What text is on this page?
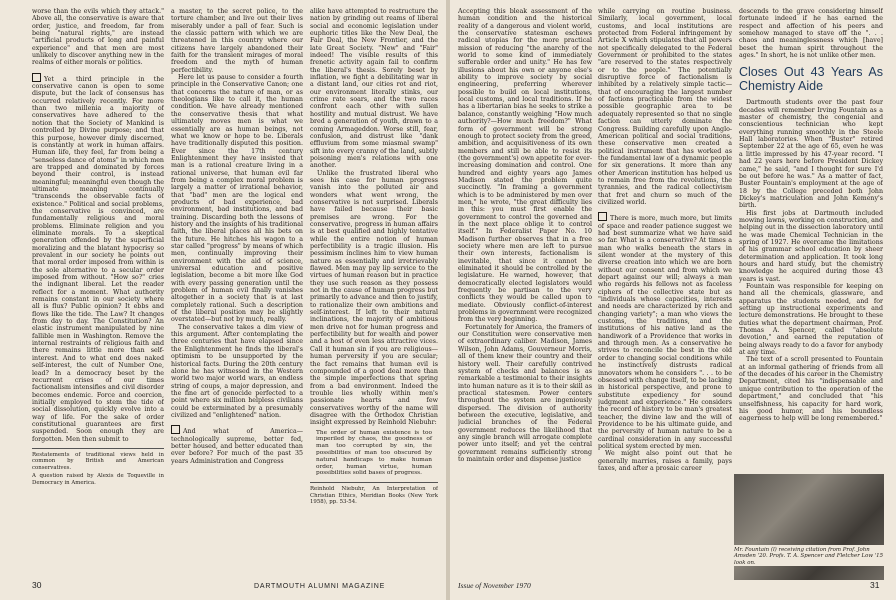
worse than the evils which they attack." Above all, the conservative is aware that order, justice, and freedom, far from being "natural rights," are instead "artificial products of long and painful experience" and that men are most unlikely to discover anything new in the realms of either morals or politics.

Yet a third principle in the conservative canon is open to some dispute, but the lack of consensus has occurred relatively recently. For more than two millenia a majority of conservatives have adhered to the notion that the Society of Mankind is controlled by Divine purpose; and that this purpose, however dimly discerned, is constantly at work in human affairs. Human life, they feel, far from being a "senseless dance of atoms" in which men are trapped and dominated by forces beyond their control, is instead meaningful; meaningful even though the ultimate meaning continually "transcends the observable facts of existence." Political and social problems, the conservative is convinced, are fundamentally religious and moral problems. Eliminate religion and you eliminate morals. To a skeptical generation offended by the superficial moralizing and the blatant hypocrisy so prevalent in our society he points out that moral order imposed from within is the sole alternative to a secular order imposed from without. "How so?" cries the indignant liberal. Let the reader reflect for a moment. What authority remains constant in our society where all is flux? Public opinion? It ebbs and flows like the tide. The Law? It changes from day to day. The Constitution? An elastic instrument manipulated by nine fallible men in Washington. Remove the internal restraints of religious faith and there remains little more than self-interest. And to what end does naked self-interest, the cult of Number One, lead? In a democracy beset by the recurrent crises of our times factionalism intensifies and civil disorder becomes endemic. Force and coercion, initially employed to stem the tide of social dissolution, quickly evolve into a way of life. For the sake of order constitutional guarantees are first suspended. Soon enough they are forgotten. Men then submit to

Restatements of traditional views held in common by British and American conservatives.

A question raised by Alexis de Toqueville in Democracy in America.

a master, to the secret police, to the torture chamber, and live out their lives miserably under a pall of fear. Such is the classic pattern with which we are threatened in this country where our citizens have largely abandoned their faith for the transient mirages of moral freedom and the myth of human perfectibility.

Here let us pause to consider a fourth principle in the Conservative Canon; one that concerns the nature of man, or as theologians like to call it, the human condition. We have already mentioned the conservative thesis that what ultimately moves men is what we essentially are as human beings, not what we know or hope to be. Liberals have traditionally disputed this position. Ever since the 17th century Enlightenment they have insisted that man is a rational creature living in a rational universe, that human evil far from being a complex moral problem is largely a matter of irrational behavior, that "bad" men are the logical end products of bad experience, bad environment, bad institutions, and bad training. Discarding both the lessons of history and the insights of his traditional faith, the liberal places all his bets on the future. He hitches his wagon to a star called "progress" by means of which men, continually improving their environment with the aid of science, universal education and positive legislation, become a bit more like God with every passing generation until the problem of human evil finally vanishes altogether in a society that is at last completely rational. Such a description of the liberal position may be slightly overstated—but not by much, really.

The conservative takes a dim view of this argument. After contemplating the three centuries that have elapsed since the Enlightenment he finds the liberal's optimism to be unsupported by the historical facts. During the 20th century alone he has witnessed in the Western world two major world wars, an endless string of coups, a major depression, and the fine art of genocide perfected to a point where six million helpless civilians could be exterminated by a presumably civilized and "enlightened" nation.

And what of America—technologically supreme, better fed, better housed, and better educated than ever before? For much of the past 35 years Administration and Congress

alike have attempted to restructure the nation by grinding out reams of liberal social and economic legislation under euphoric titles like the New Deal, the Fair Deal, the New Frontier, and the late Great Society. "New" and "Fair" indeed! The visible results of this frenetic activity again fail to confirm the liberal's thesis. Sorely beset by inflation, we fight a debilitating war in a distant land, our cities rot and riot, our environment literally stinks, our crime rate soars, and the two races confront each other with sullen hostility and mutual distrust. We have bred a generation of youth, drawn to a coming Armageddon. Worse still, fear, confusion, and distrust like "dank effluvium from some miasmal swamp" sift into every cranny of the land, subtly poisoning men's relations with one another.

Unlike the frustrated liberal who sees his case for human progress vanish into the polluted air and wonders what went wrong, the conservative is not surprised. Liberals have failed because their basic premises are wrong. For the conservative, progress in human affairs is at best qualified and highly tentative while the entire notion of human perfectibility is a tragic illusion. His pessimism inclines him to view human nature as essentially and irretrievably flawed. Men may pay lip service to the virtues of human reason but in practice they use such reason as they possess not in the cause of human progress but primarily to advance and then to justify, to rationalize their own ambitions and self-interest. If left to their natural inclinations, the majority of ambitious men drive not for human progress and perfectibility but for wealth and power and a host of even less attractive vices. Call it human sin if you are religious—human perversity if you are secular; the fact remains that human evil is compounded of a good deal more than the simple imperfections that spring from a bad environment. Indeed the trouble lies wholly within men's passionate hearts and few conservatives worthy of the name will disagree with the Orthodox Christian insight expressed by Reinhold Niebuhr:

The order of human existence is too imperiled by chaos, the goodness of man too corrupted by sin, the possibilities of man too obscured by natural handicaps to make human order, human virtue, human possibilities solid bases of progress.

Reinhold Niebuhr, An Interpretation of Christian Ethics, Meridian Books (New York 1958), pp. 53-54.

30	DARTMOUTH ALUMNI MAGAZINE

Accepting this bleak assessment of the human condition and the historical reality of a dangerous and violent world, the conservative statesman eschews radical utopias for the more practical mission of reducing "the anarchy of the world to some kind of immediately sufferable order and unity." He has few illusions about his own or anyone else's ability to improve society by social engineering, preferring wherever possible to build on local institutions, local customs, and local traditions. If he has a libertarian bias he seeks to strike a balance, constantly weighing "How much authority?—How much freedom?" What form of government will be strong enough to protect society from the greed, ambition, and acquisitiveness of its own members and still be able to resist its (the government's) own appetite for ever-increasing domination and control. One hundred and eighty years ago James Madison stated the problem quite succinctly. "In framing a government which is to be administered by men over men," he wrote, "the great difficulty lies in this: you must first enable the government to control the governed and in the next place oblige it to control itself." In Federalist Paper No. 10 Madison further observes that in a free society where men are left to pursue their own interests, factionalism is inevitable, that since it cannot be eliminated it should be controlled by the legislature. He warned, however, that democratically elected legislators would frequently be partisan to the very conflicts they would be called upon to mediate. Obviously conflict-of-interest problems in government were recognized from the very beginning.

Fortunately for America, the framers of our Constitution were conservative men of extraordinary caliber. Madison, James Wilson, John Adams, Gouverneur Morris, all of them knew their country and their history well. Their carefully contrived system of checks and balances is as remarkable a testimonial to their insights into human nature as it is to their skill as practical statesmen. Power centers throughout the system are ingeniously dispersed. The division of authority between the executive, legislative, and judicial branches of the Federal government reduces the likelihood that any single branch will arrogate complete power unto itself; and yet the central government remains sufficiently strong to maintain order and dispense justice

while carrying on routine business. Similarly, local government, local customs, and local institutions are protected from Federal infringement by Article X which stipulates that all powers not specifically delegated to the Federal Government or prohibited to the states "are reserved to the states respectively or to the people." The potentially disruptive force of factionalism is inhibited by a relatively simple tactic—that of encouraging the largest number of factions practicable from the widest possible geographic area to be adequately represented so that no single faction can utterly dominate the Congress. Building carefully upon Anglo-American political and social traditions, these conservative men created a political instrument that has worked as the fundamental law of a dynamic people for six generations. It more than any other American institution has helped us to remain free from the revolutions, the tyrannies, and the radical collectivism that fret and churn so much of the civilized world.

There is more, much more, but limits of space and reader patience suggest we had best summarize what we have said so far. What is a conservative? At times a man who walks beneath the stars in silent wonder at the mystery of this diverse creation into which we are born without our consent and from which we depart against our will; always a man who regards his fellows not as faceless ciphers of the collective state but as "individuals whose capacities, interests and needs are characterized by rich and changing variety"; a man who views the customs, the traditions, and the institutions of his native land as the handiwork of a Providence that works in and through men. As a conservative he strives to reconcile the best in the old order to changing social conditions while he instinctively distrusts radical innovators whom he considers ". . . to be obsessed with change itself, to be lacking in historical perspective, and prone to substitute expediency for sound judgment and experience." He considers the record of history to be man's greatest teacher, the divine law and the will of Providence to be his ultimate guide, and the perversity of human nature to be a cardinal consideration in any successful political system erected by men.

We might also point out that he generally marries, raises a family, pays taxes, and after a prosaic career

descends to the grave considering himself fortunate indeed if he has earned the respect and affection of his peers and somehow managed to stave off the ". . . chaos and meaninglessness which [have] beset the human spirit throughout the ages." In short, he is not unlike other men.

Closes Out 43 Years As Chemistry Aide

Dartmouth students over the past four decades will remember Irving Fountain as a master of chemistry, the congenial and conscientious technician who kept everything running smoothly in the Steele Hall laboratories. When "Buster" retired September 22 at the age of 65, even he was a little impressed by his 47-year record. "I had 22 years here before President Dickey came," he said, "and I thought for sure I'd be out before he was." As a matter of fact, Buster Fountain's employment at the age of 18 by the College preceded both John Dickey's matriculation and John Kemeny's birth.

His first jobs at Dartmouth included mowing lawns, working on construction, and helping out in the dissection laboratory until he was made Chemical Technician in the spring of 1927. He overcame the limitations of his grammar school education by sheer determination and application. It took long hours and hard study, but the chemistry knowledge he acquired during those 43 years is vast.

Fountain was responsible for keeping on hand all the chemicals, glassware, and apparatus the students needed, and for setting up instructional experiments and lecture demonstrations. He brought to these duties what the department chairman, Prof. Thomas A. Spencer, called "absolute devotion," and earned the reputation of being always ready to do a favor for anybody at any time.

The text of a scroll presented to Fountain at an informal gathering of friends from all of the decades of his career in the Chemistry Department, cited his "indispensable and unique contribution to the operation of the department," and concluded that "his unselfishness, his capacity for hard work, his good humor, and his boundless eagerness to help will be long remembered."

Issue of November 1970	31
Mr. Fountain (l) receiving citation from Prof. John Amsden '20. Profs. T. A. Spencer and Fletcher Low '15 look on.
